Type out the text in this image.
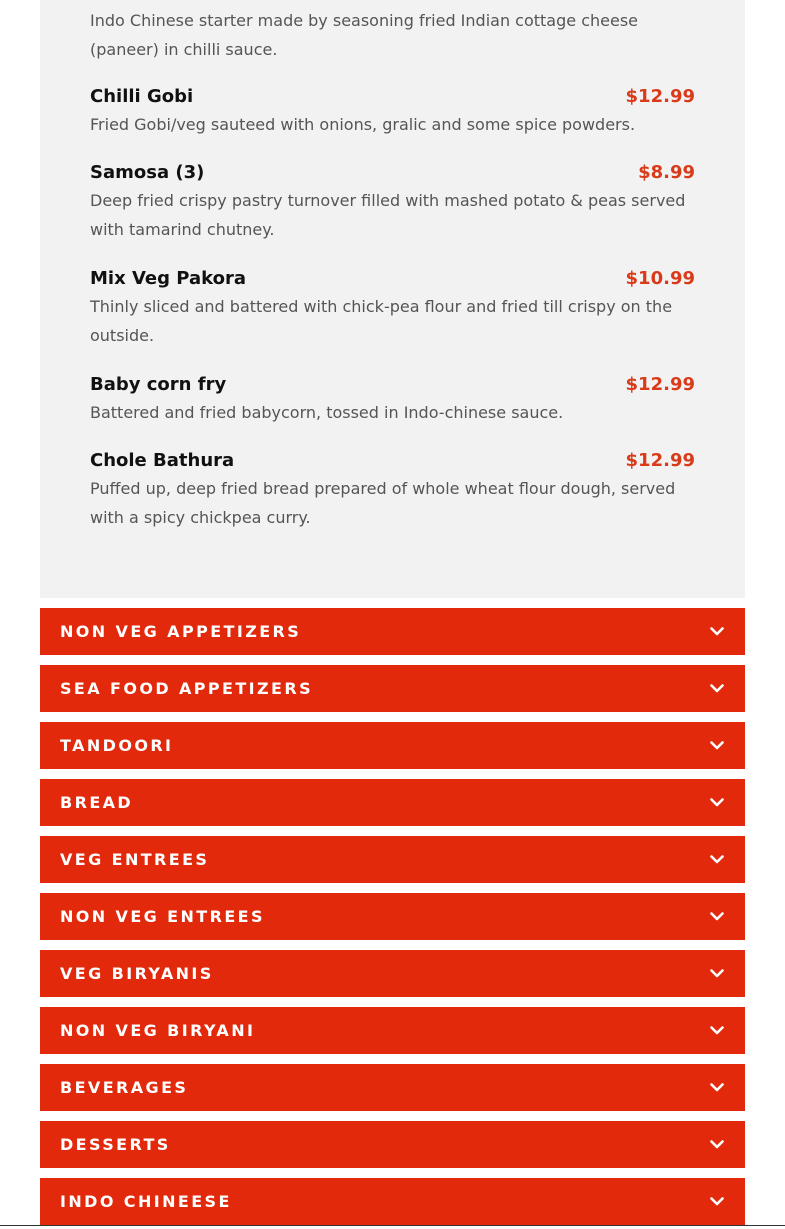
Indo Chinese starter made by seasoning fried Indian cottage cheese (paneer) in chilli sauce.
Chilli Gobi	$12.99
Fried Gobi/veg sauteed with onions, gralic and some spice powders.
Samosa (3)	$8.99
Deep fried crispy pastry turnover filled with mashed potato & peas served with tamarind chutney.
Mix Veg Pakora	$10.99
Thinly sliced and battered with chick-pea flour and fried till crispy on the outside.
Baby corn fry	$12.99
Battered and fried babycorn, tossed in Indo-chinese sauce.
Chole Bathura	$12.99
Puffed up, deep fried bread prepared of whole wheat flour dough, served with a spicy chickpea curry.
NON VEG APPETIZERS
SEA FOOD APPETIZERS
TANDOORI
BREAD
VEG ENTREES
NON VEG ENTREES
VEG BIRYANIS
NON VEG BIRYANI
BEVERAGES
DESSERTS
INDO CHINEESE
